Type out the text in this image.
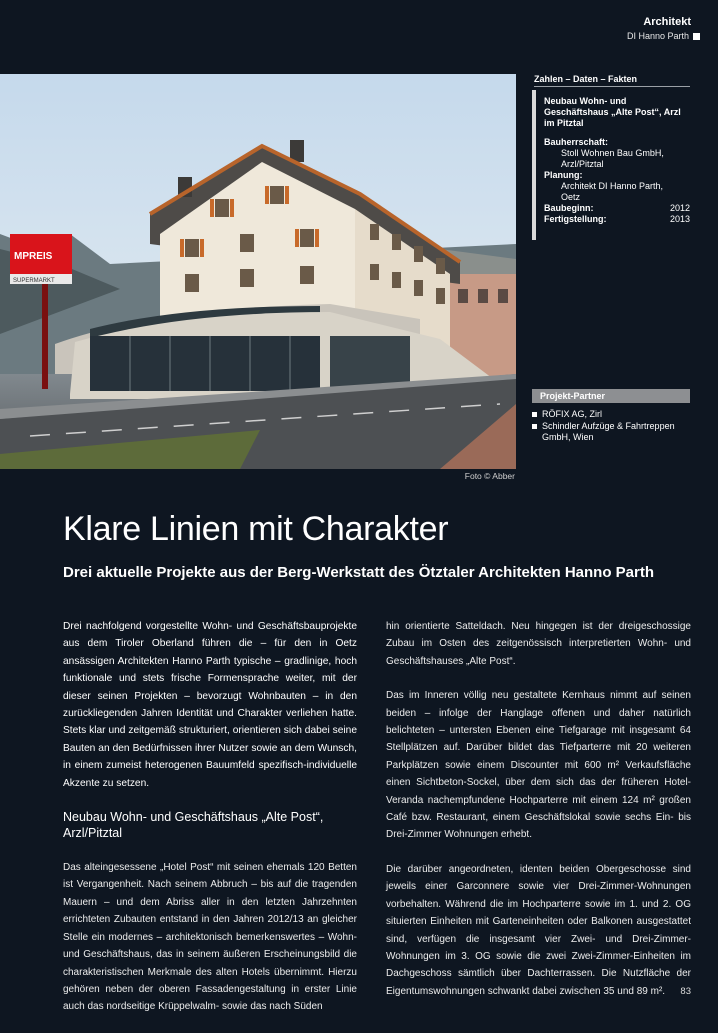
Architekt
DI Hanno Parth
MPREIS
SUPERMARKT
Foto © Abber
Zahlen – Daten – Fakten
Neubau Wohn- und Geschäftshaus „Alte Post“, Arzl im Pitztal
Bauherrschaft:
Stoll Wohnen Bau GmbH,
Arzl/Pitztal
Planung:
Architekt DI Hanno Parth,
Oetz
Baubeginn:	2012
Fertigstellung:	2013
Projekt-Partner
RÖFIX AG, Zirl
Schindler Aufzüge & Fahrtreppen GmbH, Wien
Klare Linien mit Charakter
Drei aktuelle Projekte aus der Berg-Werkstatt des Ötztaler Architekten Hanno Parth

Drei nachfolgend vorgestellte Wohn- und Geschäftsbauprojekte aus dem Tiroler Oberland führen die – für den in Oetz ansässigen Architekten Hanno Parth typische – gradlinige, hoch funktionale und stets frische Formensprache weiter, mit der dieser seinen Projekten – bevorzugt Wohnbauten – in den zurückliegenden Jahren Identität und Charakter verliehen hatte. Stets klar und zeitgemäß strukturiert, orientieren sich dabei seine Bauten an den Bedürfnissen ihrer Nutzer sowie an dem Wunsch, in einem zumeist heterogenen Bauumfeld spezifisch-individuelle Akzente zu setzen.

Neubau Wohn- und Geschäftshaus „Alte Post“, Arzl/Pitztal

Das alteingesessene „Hotel Post“ mit seinen ehemals 120 Betten ist Vergangenheit. Nach seinem Abbruch – bis auf die tragenden Mauern – und dem Abriss aller in den letzten Jahrzehnten errichteten Zubauten entstand in den Jahren 2012/13 an gleicher Stelle ein modernes – architektonisch bemerkenswertes – Wohn- und Geschäftshaus, das in seinem äußeren Erscheinungsbild die charakteristischen Merkmale des alten Hotels übernimmt. Hierzu gehören neben der oberen Fassadengestaltung in erster Linie auch das nordseitige Krüppelwalm- sowie das nach Süden

hin orientierte Satteldach. Neu hingegen ist der dreigeschossige Zubau im Osten des zeitgenössisch interpretierten Wohn- und Geschäftshauses „Alte Post“.

Das im Inneren völlig neu gestaltete Kernhaus nimmt auf seinen beiden – infolge der Hanglage offenen und daher natürlich belichteten – untersten Ebenen eine Tiefgarage mit insgesamt 64 Stellplätzen auf. Darüber bildet das Tiefparterre mit 20 weiteren Parkplätzen sowie einem Discounter mit 600 m² Verkaufsfläche einen Sichtbeton-Sockel, über dem sich das der früheren Hotel-Veranda nachempfundene Hochparterre mit einem 124 m² großen Café bzw. Restaurant, einem Geschäftslokal sowie sechs Ein- bis Drei-Zimmer Wohnungen erhebt.

Die darüber angeordneten, identen beiden Obergeschosse sind jeweils einer Garconnere sowie vier Drei-Zimmer-Wohnungen vorbehalten. Während die im Hochparterre sowie im 1. und 2. OG situierten Einheiten mit Garteneinheiten oder Balkonen ausgestattet sind, verfügen die insgesamt vier Zwei- und Drei-Zimmer-Wohnungen im 3. OG sowie die zwei Zwei-Zimmer-Einheiten im Dachgeschoss sämtlich über Dachterrassen. Die Nutzfläche der Eigentumswohnungen schwankt dabei zwischen 35 und 89 m².	83
